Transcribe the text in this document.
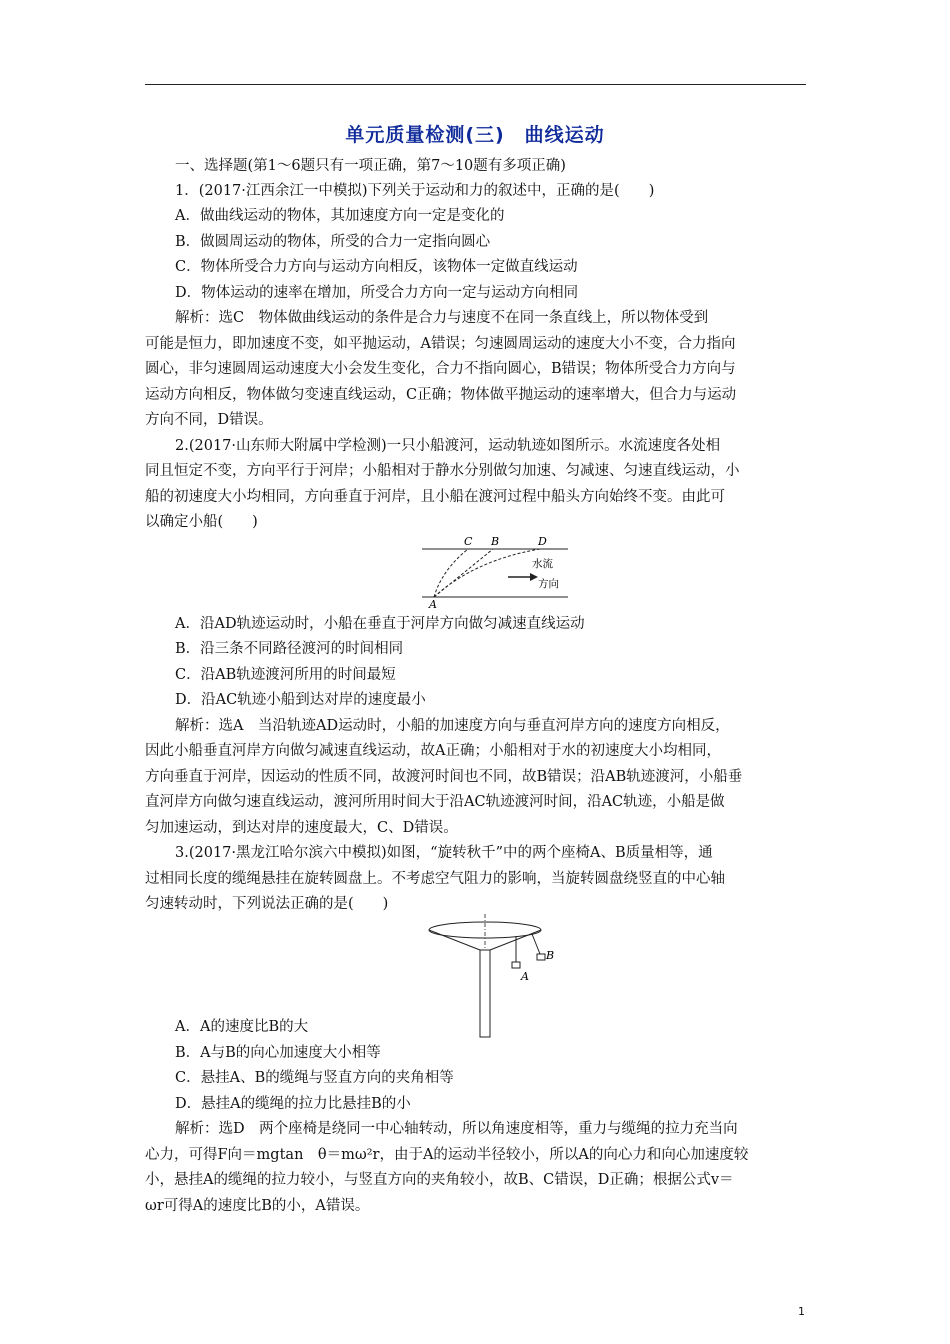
单元质量检测(三)　曲线运动
一、选择题(第1～6题只有一项正确，第7～10题有多项正确)
1．(2017·江西余江一中模拟)下列关于运动和力的叙述中，正确的是(　　)
A．做曲线运动的物体，其加速度方向一定是变化的
B．做圆周运动的物体，所受的合力一定指向圆心
C．物体所受合力方向与运动方向相反，该物体一定做直线运动
D．物体运动的速率在增加，所受合力方向一定与运动方向相同
解析：选C　物体做曲线运动的条件是合力与速度不在同一条直线上，所以物体受到
可能是恒力，即加速度不变，如平抛运动，A错误；匀速圆周运动的速度大小不变，合力指向
圆心，非匀速圆周运动速度大小会发生变化，合力不指向圆心，B错误；物体所受合力方向与
运动方向相反，物体做匀变速直线运动，C正确；物体做平抛运动的速率增大，但合力与运动
方向不同，D错误。
2.(2017·山东师大附属中学检测)一只小船渡河，运动轨迹如图所示。水流速度各处相
同且恒定不变，方向平行于河岸；小船相对于静水分别做匀加速、匀减速、匀速直线运动，小
船的初速度大小均相同，方向垂直于河岸，且小船在渡河过程中船头方向始终不变。由此可
以确定小船(　　)
C B	D
A
水流
方向
A．沿AD轨迹运动时，小船在垂直于河岸方向做匀减速直线运动
B．沿三条不同路径渡河的时间相同
C．沿AB轨迹渡河所用的时间最短
D．沿AC轨迹小船到达对岸的速度最小
解析：选A　当沿轨迹AD运动时，小船的加速度方向与垂直河岸方向的速度方向相反，
因此小船垂直河岸方向做匀减速直线运动，故A正确；小船相对于水的初速度大小均相同，
方向垂直于河岸，因运动的性质不同，故渡河时间也不同，故B错误；沿AB轨迹渡河，小船垂
直河岸方向做匀速直线运动，渡河所用时间大于沿AC轨迹渡河时间，沿AC轨迹，小船是做
匀加速运动，到达对岸的速度最大，C、D错误。
3.(2017·黑龙江哈尔滨六中模拟)如图，“旋转秋千”中的两个座椅A、B质量相等，通
过相同长度的缆绳悬挂在旋转圆盘上。不考虑空气阻力的影响，当旋转圆盘绕竖直的中心轴
匀速转动时，下列说法正确的是(　　)
A
B
A．A的速度比B的大
B．A与B的向心加速度大小相等
C．悬挂A、B的缆绳与竖直方向的夹角相等
D．悬挂A的缆绳的拉力比悬挂B的小
解析：选D　两个座椅是绕同一中心轴转动，所以角速度相等，重力与缆绳的拉力充当向
心力，可得F向＝mgtan　θ＝mω²r，由于A的运动半径较小，所以A的向心力和向心加速度较
小，悬挂A的缆绳的拉力较小，与竖直方向的夹角较小，故B、C错误，D正确；根据公式v＝
ωr可得A的速度比B的小，A错误。
1
